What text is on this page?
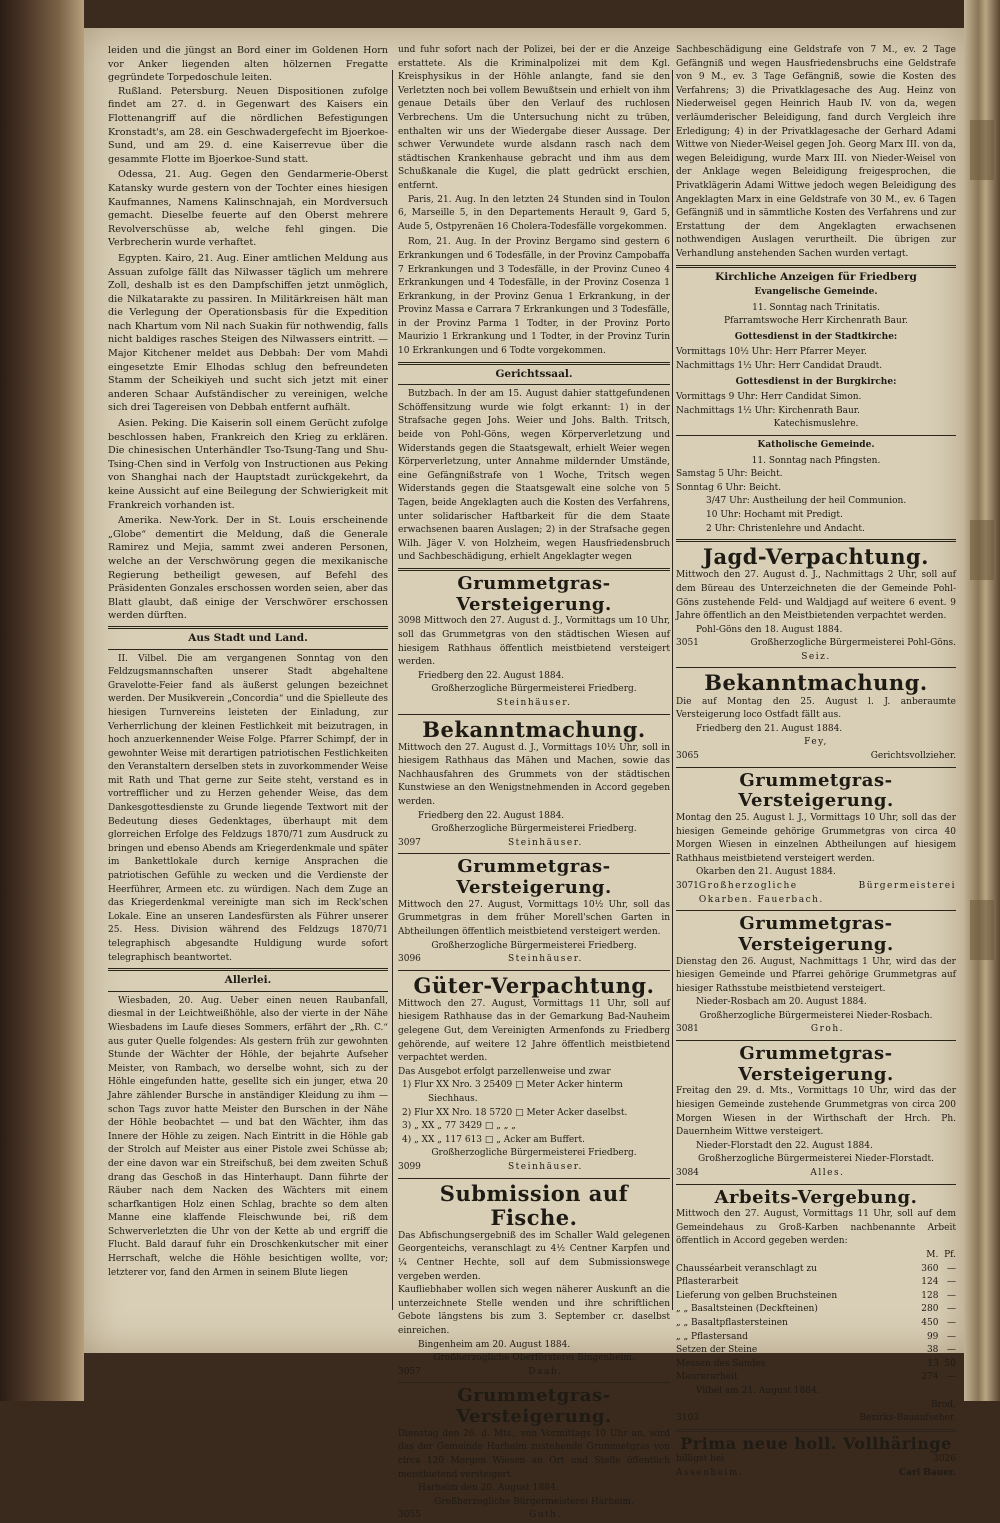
leiden und die jüngst an Bord einer im Goldenen Horn vor Anker liegenden alten hölzernen Fregatte gegründete Torpedoschule leiten.

Rußland. Petersburg. Neuen Dispositionen zufolge findet am 27. d. in Gegenwart des Kaisers ein Flottenangriff auf die nördlichen Befestigungen Kronstadt's, am 28. ein Geschwadergefecht im Bjoerkoe-Sund, und am 29. d. eine Kaiserrevue über die gesammte Flotte im Bjoerkoe-Sund statt.

Odessa, 21. Aug. Gegen den Gendarmerie-Oberst Katansky wurde gestern von der Tochter eines hiesigen Kaufmannes, Namens Kalinschnajah, ein Mordversuch gemacht. Dieselbe feuerte auf den Oberst mehrere Revolverschüsse ab, welche fehl gingen. Die Verbrecherin wurde verhaftet.

Egypten. Kairo, 21. Aug. Einer amtlichen Meldung aus Assuan zufolge fällt das Nilwasser täglich um mehrere Zoll, deshalb ist es den Dampfschiffen jetzt unmöglich, die Nilkatarakte zu passiren. In Militärkreisen hält man die Verlegung der Operationsbasis für die Expedition nach Khartum vom Nil nach Suakin für nothwendig, falls nicht baldiges rasches Steigen des Nilwassers eintritt. — Major Kitchener meldet aus Debbah: Der vom Mahdi eingesetzte Emir Elhodas schlug den befreundeten Stamm der Scheikiyeh und sucht sich jetzt mit einer anderen Schaar Aufständischer zu vereinigen, welche sich drei Tagereisen von Debbah entfernt aufhält.

Asien. Peking. Die Kaiserin soll einem Gerücht zufolge beschlossen haben, Frankreich den Krieg zu erklären. Die chinesischen Unterhändler Tso-Tsung-Tang und Shu-Tsing-Chen sind in Verfolg von Instructionen aus Peking von Shanghai nach der Hauptstadt zurückgekehrt, da keine Aussicht auf eine Beilegung der Schwierigkeit mit Frankreich vorhanden ist.

Amerika. New-York. Der in St. Louis erscheinende „Globe“ dementirt die Meldung, daß die Generale Ramirez und Mejia, sammt zwei anderen Personen, welche an der Verschwörung gegen die mexikanische Regierung betheiligt gewesen, auf Befehl des Präsidenten Gonzales erschossen worden seien, aber das Blatt glaubt, daß einige der Verschwörer erschossen werden dürften.

Aus Stadt und Land.

II. Vilbel. Die am vergangenen Sonntag von den Feldzugsmannschaften unserer Stadt abgehaltene Gravelotte-Feier fand als äußerst gelungen bezeichnet werden. Der Musikverein „Concordia“ und die Spielleute des hiesigen Turnvereins leisteten der Einladung, zur Verherrlichung der kleinen Festlichkeit mit beizutragen, in hoch anzuerkennender Weise Folge. Pfarrer Schimpf, der in gewohnter Weise mit derartigen patriotischen Festlichkeiten den Veranstaltern derselben stets in zuvorkommender Weise mit Rath und That gerne zur Seite steht, verstand es in vortrefflicher und zu Herzen gehender Weise, das dem Dankesgottesdienste zu Grunde liegende Textwort mit der Bedeutung dieses Gedenktages, überhaupt mit dem glorreichen Erfolge des Feldzugs 1870/71 zum Ausdruck zu bringen und ebenso Abends am Kriegerdenkmale und später im Bankettlokale durch kernige Ansprachen die patriotischen Gefühle zu wecken und die Verdienste der Heerführer, Armeen etc. zu würdigen. Nach dem Zuge an das Kriegerdenkmal vereinigte man sich im Reck'schen Lokale. Eine an unseren Landesfürsten als Führer unserer 25. Hess. Division während des Feldzugs 1870/71 telegraphisch abgesandte Huldigung wurde sofort telegraphisch beantwortet.

Allerlei.

Wiesbaden, 20. Aug. Ueber einen neuen Raubanfall, diesmal in der Leichtweißhöhle, also der vierte in der Nähe Wiesbadens im Laufe dieses Sommers, erfährt der „Rh. C.“ aus guter Quelle folgendes: Als gestern früh zur gewohnten Stunde der Wächter der Höhle, der bejahrte Aufseher Meister, von Rambach, wo derselbe wohnt, sich zu der Höhle eingefunden hatte, gesellte sich ein junger, etwa 20 Jahre zählender Bursche in anständiger Kleidung zu ihm — schon Tags zuvor hatte Meister den Burschen in der Nähe der Höhle beobachtet — und bat den Wächter, ihm das Innere der Höhle zu zeigen. Nach Eintritt in die Höhle gab der Strolch auf Meister aus einer Pistole zwei Schüsse ab; der eine davon war ein Streifschuß, bei dem zweiten Schuß drang das Geschoß in das Hinterhaupt. Dann führte der Räuber nach dem Nacken des Wächters mit einem scharfkantigen Holz einen Schlag, brachte so dem alten Manne eine klaffende Fleischwunde bei, riß dem Schwerverletzten die Uhr von der Kette ab und ergriff die Flucht. Bald darauf fuhr ein Droschkenkutscher mit einer Herrschaft, welche die Höhle besichtigen wollte, vor; letzterer vor, fand den Armen in seinem Blute liegen

und fuhr sofort nach der Polizei, bei der er die Anzeige erstattete. Als die Kriminalpolizei mit dem Kgl. Kreisphysikus in der Höhle anlangte, fand sie den Verletzten noch bei vollem Bewußtsein und erhielt von ihm genaue Details über den Verlauf des ruchlosen Verbrechens. Um die Untersuchung nicht zu trüben, enthalten wir uns der Wiedergabe dieser Aussage. Der schwer Verwundete wurde alsdann rasch nach dem städtischen Krankenhause gebracht und ihm aus dem Schußkanale die Kugel, die platt gedrückt erschien, entfernt.

Paris, 21. Aug. In den letzten 24 Stunden sind in Toulon 6, Marseille 5, in den Departements Herault 9, Gard 5, Aude 5, Ostpyrenäen 16 Cholera-Todesfälle vorgekommen.

Rom, 21. Aug. In der Provinz Bergamo sind gestern 6 Erkrankungen und 6 Todesfälle, in der Provinz Campobaffa 7 Erkrankungen und 3 Todesfälle, in der Provinz Cuneo 4 Erkrankungen und 4 Todesfälle, in der Provinz Cosenza 1 Erkrankung, in der Provinz Genua 1 Erkrankung, in der Provinz Massa e Carrara 7 Erkrankungen und 3 Todesfälle, in der Provinz Parma 1 Todter, in der Provinz Porto Maurizio 1 Erkrankung und 1 Todter, in der Provinz Turin 10 Erkrankungen und 6 Todte vorgekommen.

Gerichtssaal.

Butzbach. In der am 15. August dahier stattgefundenen Schöffensitzung wurde wie folgt erkannt: 1) in der Strafsache gegen Johs. Weier und Johs. Balth. Tritsch, beide von Pohl-Göns, wegen Körperverletzung und Widerstands gegen die Staatsgewalt, erhielt Weier wegen Körperverletzung, unter Annahme mildernder Umstände, eine Gefängnißstrafe von 1 Woche, Tritsch wegen Widerstands gegen die Staatsgewalt eine solche von 5 Tagen, beide Angeklagten auch die Kosten des Verfahrens, unter solidarischer Haftbarkeit für die dem Staate erwachsenen baaren Auslagen; 2) in der Strafsache gegen Wilh. Jäger V. von Holzheim, wegen Hausfriedensbruch und Sachbeschädigung, erhielt Angeklagter wegen

Grummetgras-Versteigerung.
3098 Mittwoch den 27. August d. J., Vormittags um 10 Uhr, soll das Grummetgras von den städtischen Wiesen auf hiesigem Rathhaus öffentlich meistbietend versteigert werden.
Friedberg den 22. August 1884.
Großherzogliche Bürgermeisterei Friedberg.
Steinhäuser.
Bekanntmachung.
Mittwoch den 27. August d. J., Vormittags 10½ Uhr, soll in hiesigem Rathhaus das Mähen und Machen, sowie das Nachhausfahren des Grummets von der städtischen Kunstwiese an den Wenigstnehmenden in Accord gegeben werden.
Friedberg den 22. August 1884.
Großherzogliche Bürgermeisterei Friedberg.
3097	Steinhäuser.
Grummetgras-Versteigerung.
Mittwoch den 27. August, Vormittags 10½ Uhr, soll das Grummetgras in dem früher Morell'schen Garten in Abtheilungen öffentlich meistbietend versteigert werden.
Großherzogliche Bürgermeisterei Friedberg.
3096	Steinhäuser.
Güter-Verpachtung.
Mittwoch den 27. August, Vormittags 11 Uhr, soll auf hiesigem Rathhause das in der Gemarkung Bad-Nauheim gelegene Gut, dem Vereinigten Armenfonds zu Friedberg gehörende, auf weitere 12 Jahre öffentlich meistbietend verpachtet werden.
Das Ausgebot erfolgt parzellenweise und zwar
1) Flur XX Nro. 3 25409 □ Meter Acker hinterm
Siechhaus.
2) Flur XX Nro. 18 5720 □ Meter Acker daselbst.
3) „ XX „ 77 3429 □ „ „ „
4) „ XX „ 117 613 □ „ Acker am Buffert.
Großherzogliche Bürgermeisterei Friedberg.
3099	Steinhäuser.
Submission auf Fische.
Das Abfischungsergebniß des im Schaller Wald gelegenen Georgenteichs, veranschlagt zu 4½ Centner Karpfen und ¼ Centner Hechte, soll auf dem Submissionswege vergeben werden.
Kaufliebhaber wollen sich wegen näherer Auskunft an die unterzeichnete Stelle wenden und ihre schriftlichen Gebote längstens bis zum 3. September cr. daselbst einreichen.
Bingenheim am 20. August 1884.
Großherzogliche Oberförsterei Bingenheim.
3057	Daab.
Grummetgras-Versteigerung.
Dienstag den 26. d. Mts., von Vormittags 10 Uhr an, wird das der Gemeinde Harheim zustehende Grummetgras von circa 120 Morgen Wiesen an Ort und Stelle öffentlich meistbietend versteigert.
Harheim den 20. August 1884.
Großherzogliche Bürgermeisterei Harheim.
3055	Guth.
Sachbeschädigung eine Geldstrafe von 7 M., ev. 2 Tage Gefängniß und wegen Hausfriedensbruchs eine Geldstrafe von 9 M., ev. 3 Tage Gefängniß, sowie die Kosten des Verfahrens; 3) die Privatklagesache des Aug. Heinz von Niederweisel gegen Heinrich Haub IV. von da, wegen verläumderischer Beleidigung, fand durch Vergleich ihre Erledigung; 4) in der Privatklagesache der Gerhard Adami Wittwe von Nieder-Weisel gegen Joh. Georg Marx III. von da, wegen Beleidigung, wurde Marx III. von Nieder-Weisel von der Anklage wegen Beleidigung freigesprochen, die Privatklägerin Adami Wittwe jedoch wegen Beleidigung des Angeklagten Marx in eine Geldstrafe von 30 M., ev. 6 Tagen Gefängniß und in sämmtliche Kosten des Verfahrens und zur Erstattung der dem Angeklagten erwachsenen nothwendigen Auslagen verurtheilt. Die übrigen zur Verhandlung anstehenden Sachen wurden vertagt.
Kirchliche Anzeigen für Friedberg
Evangelische Gemeinde.
11. Sonntag nach Trinitatis.
Pfarramtswoche Herr Kirchenrath Baur.
Gottesdienst in der Stadtkirche:
Vormittags 10½ Uhr: Herr Pfarrer Meyer.
Nachmittags 1½ Uhr: Herr Candidat Draudt.
Gottesdienst in der Burgkirche:
Vormittags 9 Uhr: Herr Candidat Simon.
Nachmittags 1½ Uhr: Kirchenrath Baur.
Katechismuslehre.
Katholische Gemeinde.
11. Sonntag nach Pfingsten.
Samstag 5 Uhr: Beicht.
Sonntag 6 Uhr: Beicht.
3/47 Uhr: Austheilung der heil Communion.
10 Uhr: Hochamt mit Predigt.
2 Uhr: Christenlehre und Andacht.
Jagd-Verpachtung.
Mittwoch den 27. August d. J., Nachmittags 2 Uhr, soll auf dem Büreau des Unterzeichneten die der Gemeinde Pohl-Göns zustehende Feld- und Waldjagd auf weitere 6 event. 9 Jahre öffentlich an den Meistbietenden verpachtet werden.
Pohl-Göns den 18. August 1884.
3051	Großherzogliche Bürgermeisterei Pohl-Göns.
Seiz.
Bekanntmachung.
Die auf Montag den 25. August l. J. anberaumte Versteigerung loco Ostfadt fällt aus.
Friedberg den 21. August 1884.
Fey,
3065	Gerichtsvollzieher.
Grummetgras-Versteigerung.
Montag den 25. August l. J., Vormittags 10 Uhr, soll das der hiesigen Gemeinde gehörige Grummetgras von circa 40 Morgen Wiesen in einzelnen Abtheilungen auf hiesigem Rathhaus meistbietend versteigert werden.
Okarben den 21. August 1884.
3071 Großherzogliche Bürgermeisterei Okarben. Fauerbach.
Grummetgras-Versteigerung.
Dienstag den 26. August, Nachmittags 1 Uhr, wird das der hiesigen Gemeinde und Pfarrei gehörige Grummetgras auf hiesiger Rathsstube meistbietend versteigert.
Nieder-Rosbach am 20. August 1884.
Großherzogliche Bürgermeisterei Nieder-Rosbach.
3081	Groh.
Grummetgras-Versteigerung.
Freitag den 29. d. Mts., Vormittags 10 Uhr, wird das der hiesigen Gemeinde zustehende Grummetgras von circa 200 Morgen Wiesen in der Wirthschaft der Hrch. Ph. Dauernheim Wittwe versteigert.
Nieder-Florstadt den 22. August 1884.
Großherzogliche Bürgermeisterei Nieder-Florstadt.
3084	Alles.
Arbeits-Vergebung.
Mittwoch den 27. August, Vormittags 11 Uhr, soll auf dem Gemeindehaus zu Groß-Karben nachbenannte Arbeit öffentlich in Accord gegeben werden:
M.  Pf.
Chausséarbeit veranschlagt zu	360   —
Pflasterarbeit	124   —
Lieferung von gelben Bruchsteinen	128   —
„ „ Basaltsteinen (Deckfteinen)	280   —
„ „ Basaltpflastersteinen	450   —
„ „ Pflastersand	99   —
Setzen der Steine	38   —
Messen des Sandes	13  50
Maurerarbeit	274   —
Vilbel am 21. August 1884.
Brod,
3103	Bezirks-Bauaufseher.
Prima neue holl. Vollhäringe
billigst bei	3026
Assenheim.	Carl Bauer.
